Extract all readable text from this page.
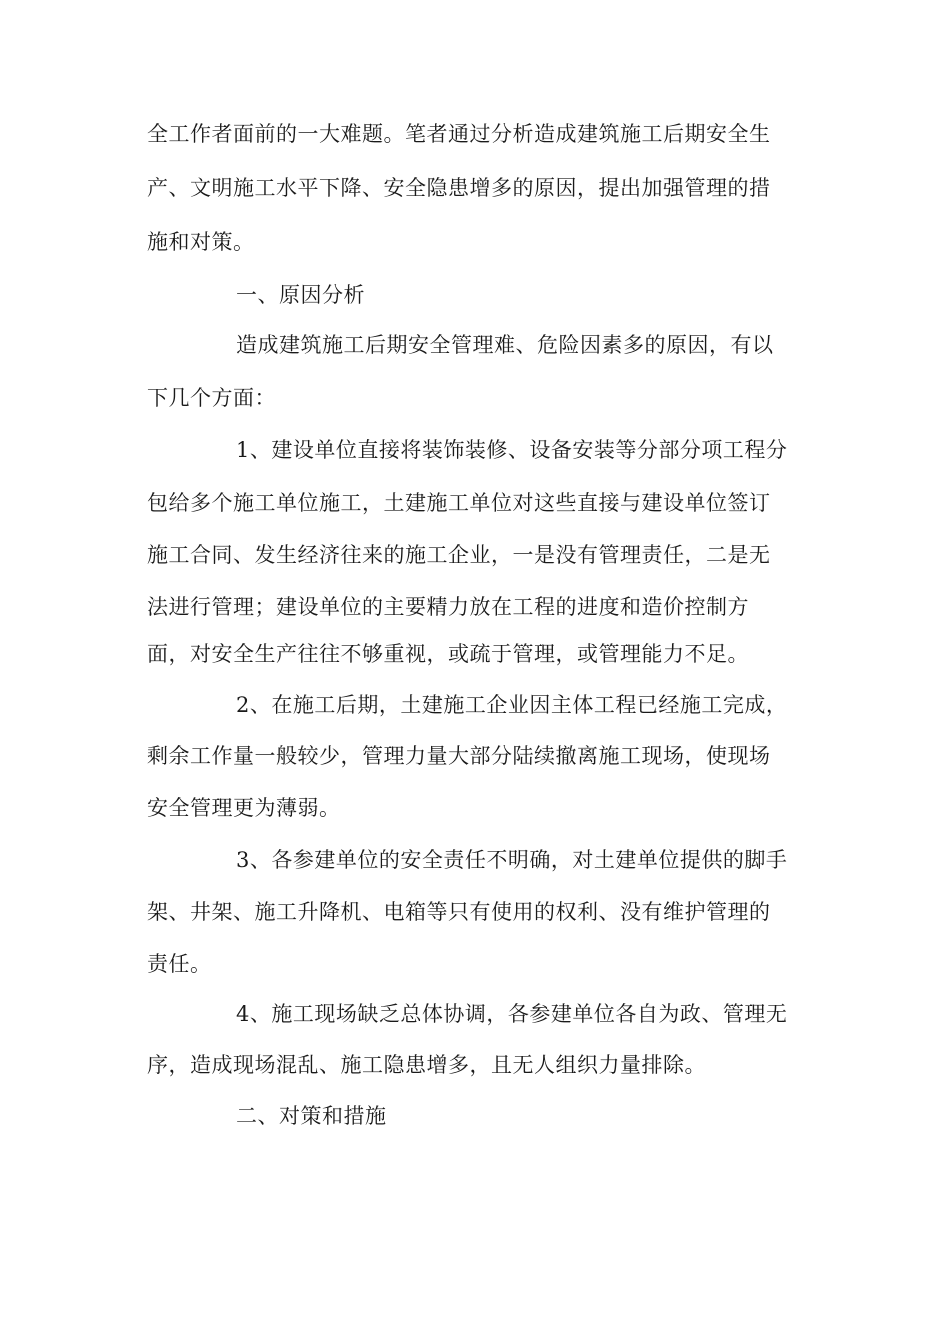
全工作者面前的一大难题。笔者通过分析造成建筑施工后期安全生
产、文明施工水平下降、安全隐患增多的原因，提出加强管理的措
施和对策。
一、原因分析
造成建筑施工后期安全管理难、危险因素多的原因，有以
下几个方面：
1、建设单位直接将装饰装修、设备安装等分部分项工程分
包给多个施工单位施工，土建施工单位对这些直接与建设单位签订
施工合同、发生经济往来的施工企业，一是没有管理责任，二是无
法进行管理；建设单位的主要精力放在工程的进度和造价控制方
面，对安全生产往往不够重视，或疏于管理，或管理能力不足。
2、在施工后期，土建施工企业因主体工程已经施工完成，
剩余工作量一般较少，管理力量大部分陆续撤离施工现场，使现场
安全管理更为薄弱。
3、各参建单位的安全责任不明确，对土建单位提供的脚手
架、井架、施工升降机、电箱等只有使用的权利、没有维护管理的
责任。
4、施工现场缺乏总体协调，各参建单位各自为政、管理无
序，造成现场混乱、施工隐患增多，且无人组织力量排除。
二、对策和措施
